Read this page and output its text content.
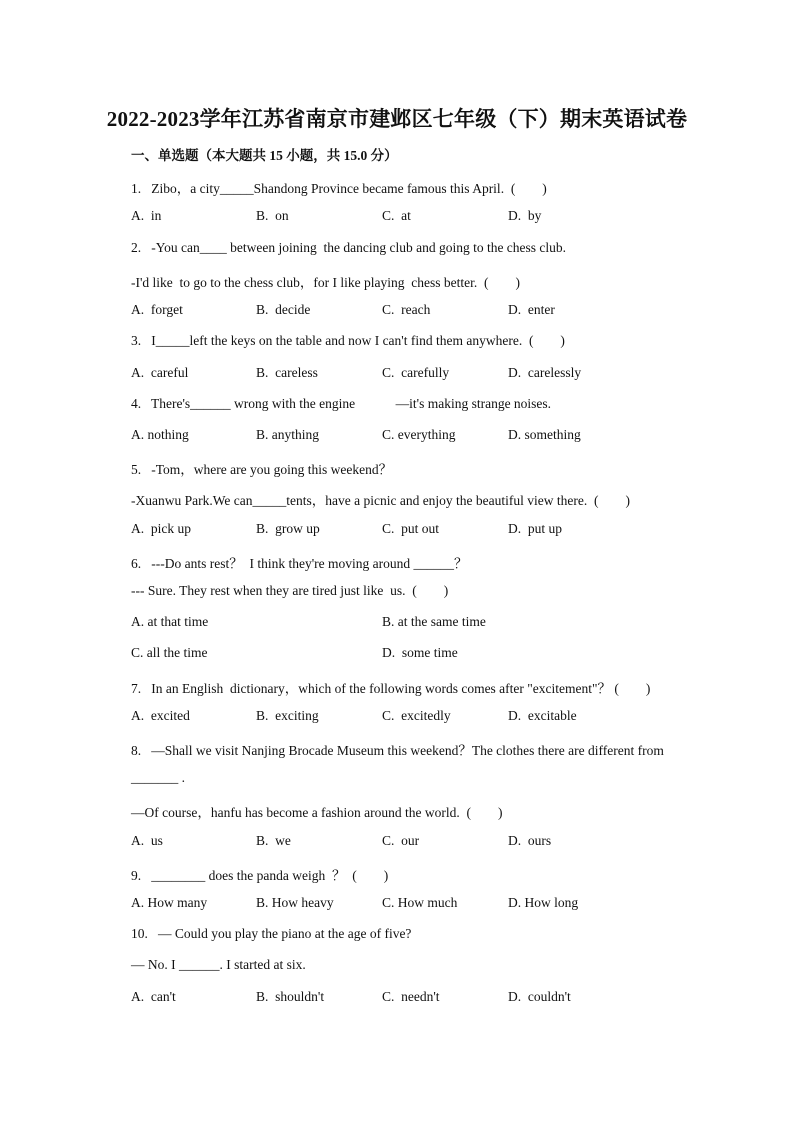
2022-2023学年江苏省南京市建邺区七年级（下）期末英语试卷
一、单选题（本大题共 15 小题，共 15.0 分）
1.   Zibo，a city_____Shandong Province became famous this April.  (        )
A.  in	B.  on	C.  at	D.  by
2.   -You can____ between joining  the dancing club and going to the chess club.
-I'd like  to go to the chess club，for I like playing  chess better.  (        )
A.  forget	B.  decide	C.  reach	D.  enter
3.   I_____left the keys on the table and now I can't find them anywhere.  (        )
A.  careful	B.  careless	C.  carefully	D.  carelessly
4.   There's______ wrong with the engine            —it's making strange noises.
A. nothing	B. anything	C. everything	D. something
5.   -Tom，where are you going this weekend？
-Xuanwu Park.We can_____tents，have a picnic and enjoy the beautiful view there.  (        )
A.  pick up	B.  grow up	C.  put out	D.  put up
6.   ---Do ants rest？  I think they're moving around ______？
--- Sure. They rest when they are tired just like  us.  (        )
A. at that time	B. at the same time
C. all the time	D.  some time
7.   In an English  dictionary，which of the following words comes after "excitement"？ (        )
A.  excited	B.  exciting	C.  excitedly	D.  excitable
8.   —Shall we visit Nanjing Brocade Museum this weekend？The clothes there are different from
_______ .
—Of course，hanfu has become a fashion around the world.  (        )
A.  us	B.  we	C.  our	D.  ours
9.   ________ does the panda weigh  ？  (        )
A. How many	B. How heavy	C. How much	D. How long
10.   — Could you play the piano at the age of five?
— No. I ______. I started at six.
A.  can't	B.  shouldn't	C.  needn't	D.  couldn't
